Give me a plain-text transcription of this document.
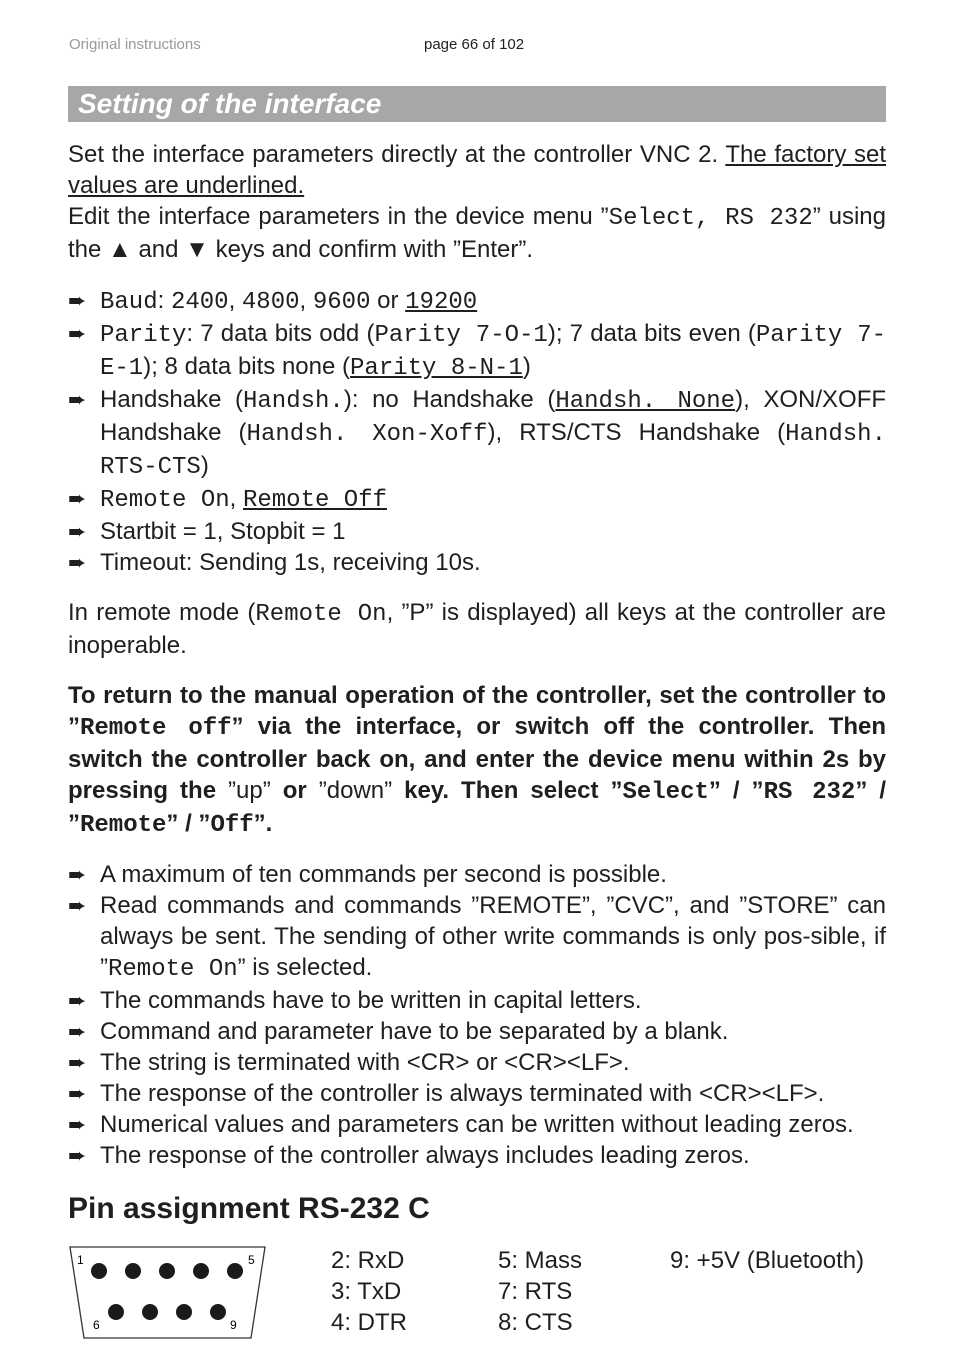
Original instructions	page 66 of 102
Setting of the interface

Set the interface parameters directly at the controller VNC 2. The factory set values are underlined.
Edit the interface parameters in the device menu ”Select, RS 232” using the ▲ and ▼ keys and confirm with ”Enter”.

➨ Baud: 2400, 4800, 9600 or 19200
➨ Parity: 7 data bits odd (Parity 7-O-1); 7 data bits even (Parity 7-E-1); 8 data bits none (Parity 8-N-1)
➨ Handshake (Handsh.): no Handshake (Handsh. None), XON/XOFF Handshake (Handsh. Xon-Xoff), RTS/CTS Handshake (Handsh. RTS-CTS)
➨ Remote On, Remote Off
➨ Startbit = 1, Stopbit = 1
➨ Timeout: Sending 1s, receiving 10s.

In remote mode (Remote On, ”P” is displayed) all keys at the controller are inoperable.

To return to the manual operation of the controller, set the controller to ”Remote off” via the interface, or switch off the controller. Then switch the controller back on, and enter the device menu within 2s by pressing the ”up” or ”down” key. Then select ”Select” / ”RS 232” / ”Remote” / ”Off”.

➨ A maximum of ten commands per second is possible.
➨ Read commands and commands ”REMOTE”, ”CVC”, and ”STORE” can always be sent. The sending of other write commands is only pos-sible, if ”Remote On” is selected.
➨ The commands have to be written in capital letters.
➨ Command and parameter have to be separated by a blank.
➨ The string is terminated with <CR> or <CR><LF>.
➨ The response of the controller is always terminated with <CR><LF>.
➨ Numerical values and parameters can be written without leading zeros.
➨ The response of the controller always includes leading zeros.
Pin assignment RS-232 C
1	5
6	9
2: RxD
3: TxD
4: DTR
5: Mass
7: RTS
8: CTS
9: +5V (Bluetooth)
